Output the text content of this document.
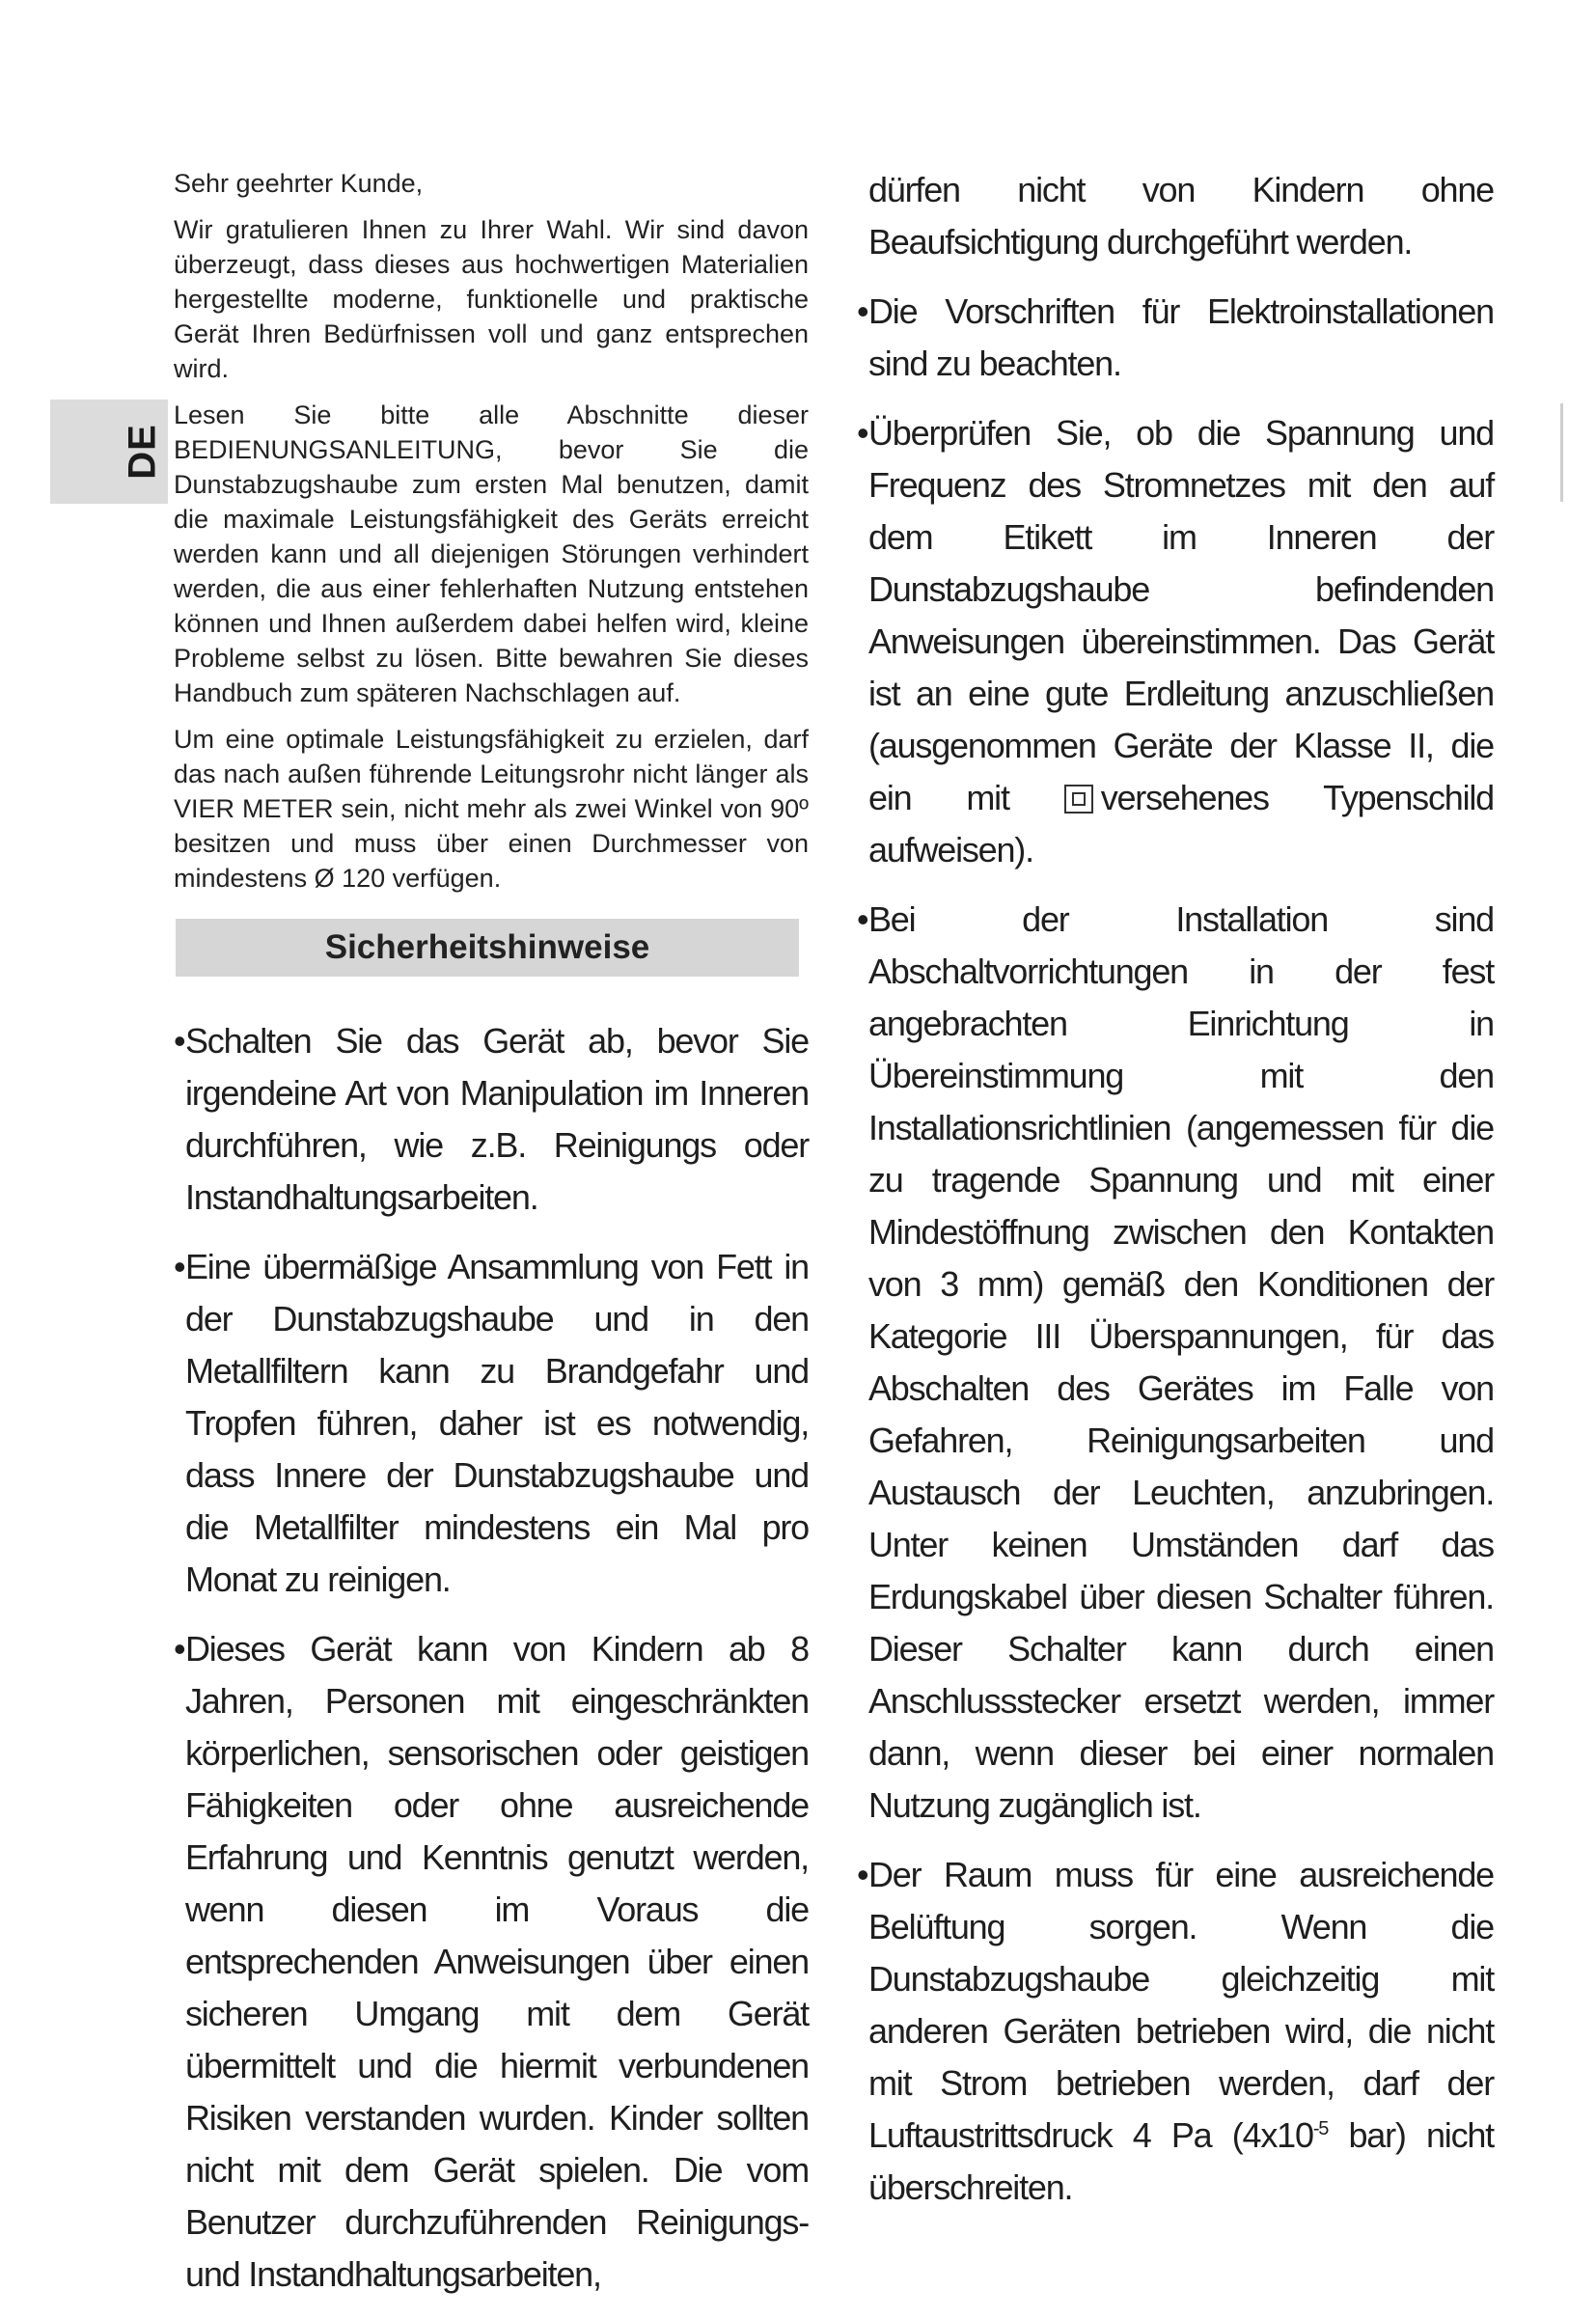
DE

Sehr geehrter Kunde,

Wir gratulieren Ihnen zu Ihrer Wahl. Wir sind davon überzeugt, dass dieses aus hochwertigen Materialien hergestellte moderne, funktionelle und praktische Gerät Ihren Bedürfnissen voll und ganz entsprechen wird.

Lesen Sie bitte alle Abschnitte dieser BEDIENUNGSANLEITUNG, bevor Sie die Dunstabzugshaube zum ersten Mal benutzen, damit die maximale Leistungsfähigkeit des Geräts erreicht werden kann und all diejenigen Störungen verhindert werden, die aus einer fehlerhaften Nutzung entstehen können und Ihnen außerdem dabei helfen wird, kleine Probleme selbst zu lösen. Bitte bewahren Sie dieses Handbuch zum späteren Nachschlagen auf.

Um eine optimale Leistungsfähigkeit zu erzielen, darf das nach außen führende Leitungsrohr nicht länger als VIER METER sein, nicht mehr als zwei Winkel von 90º besitzen und muss über einen Durchmesser von mindestens Ø 120 verfügen.

Sicherheitshinweise
• Schalten Sie das Gerät ab, bevor Sie irgendeine Art von Manipulation im Inneren durchführen, wie z.B. Reinigungs oder Instandhaltungsarbeiten.
• Eine übermäßige Ansammlung von Fett in der Dunstabzugshaube und in den Metallfiltern kann zu Brandgefahr und Tropfen führen, daher ist es notwendig, dass Innere der Dunstabzugshaube und die Metallfilter mindestens ein Mal pro Monat zu reinigen.
• Dieses Gerät kann von Kindern ab 8 Jahren, Personen mit eingeschränkten körperlichen, sensorischen oder geistigen Fähigkeiten oder ohne ausreichende Erfahrung und Kenntnis genutzt werden, wenn diesen im Voraus die entsprechenden Anweisungen über einen sicheren Umgang mit dem Gerät übermittelt und die hiermit verbundenen Risiken verstanden wurden. Kinder sollten nicht mit dem Gerät spielen. Die vom Benutzer durchzuführenden Reinigungs- und Instandhaltungsarbeiten,
dürfen nicht von Kindern ohne Beaufsichtigung durchgeführt werden.
• Die Vorschriften für Elektroinstallationen sind zu beachten.
• Überprüfen Sie, ob die Spannung und Frequenz des Stromnetzes mit den auf dem Etikett im Inneren der Dunstabzugshaube befindenden Anweisungen übereinstimmen. Das Gerät ist an eine gute Erdleitung anzuschließen (ausgenommen Geräte der Klasse II, die ein mit	versehenes Typenschild aufweisen).
• Bei der Installation sind Abschaltvorrichtungen in der fest angebrachten Einrichtung in Übereinstimmung mit den Installationsrichtlinien (angemessen für die zu tragende Spannung und mit einer Mindestöffnung zwischen den Kontakten von 3 mm) gemäß den Konditionen der Kategorie III Überspannungen, für das Abschalten des Gerätes im Falle von Gefahren, Reinigungsarbeiten und Austausch der Leuchten, anzubringen. Unter keinen Umständen darf das Erdungskabel über diesen Schalter führen. Dieser Schalter kann durch einen Anschlussstecker ersetzt werden, immer dann, wenn dieser bei einer normalen Nutzung zugänglich ist.
• Der Raum muss für eine ausreichende Belüftung sorgen. Wenn die Dunstabzugshaube gleichzeitig mit anderen Geräten betrieben wird, die nicht mit Strom betrieben werden, darf der Luftaustrittsdruck 4 Pa ($4x10^{-5}$ bar) nicht überschreiten.
